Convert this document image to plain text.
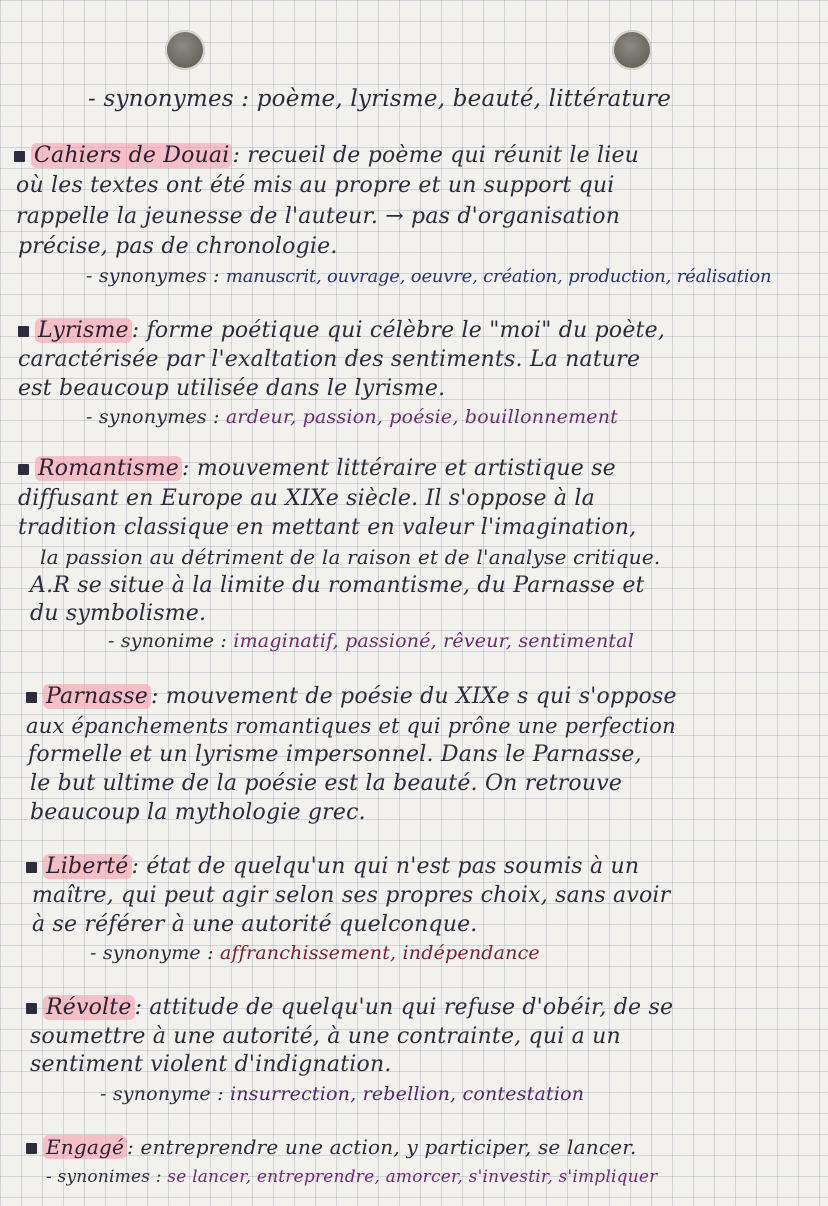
- synonymes : poème, lyrisme, beauté, littérature
Cahiers de Douai : recueil de poème qui réunit le lieu
où les textes ont été mis au propre et un support qui
rappelle la jeunesse de l'auteur. → pas d'organisation
précise, pas de chronologie.
- synonymes : manuscrit, ouvrage, oeuvre, création, production, réalisation
Lyrisme : forme poétique qui célèbre le "moi" du poète,
caractérisée par l'exaltation des sentiments. La nature
est beaucoup utilisée dans le lyrisme.
- synonymes : ardeur, passion, poésie, bouillonnement
Romantisme : mouvement littéraire et artistique se
diffusant en Europe au XIXe siècle. Il s'oppose à la
tradition classique en mettant en valeur l'imagination,
la passion au détriment de la raison et de l'analyse critique.
A.R se situe à la limite du romantisme, du Parnasse et
du symbolisme.
- synonime : imaginatif, passioné, rêveur, sentimental
Parnasse : mouvement de poésie du XIXe s qui s'oppose
aux épanchements romantiques et qui prône une perfection
formelle et un lyrisme impersonnel. Dans le Parnasse,
le but ultime de la poésie est la beauté. On retrouve
beaucoup la mythologie grec.
Liberté : état de quelqu'un qui n'est pas soumis à un
maître, qui peut agir selon ses propres choix, sans avoir
à se référer à une autorité quelconque.
- synonyme : affranchissement, indépendance
Révolte : attitude de quelqu'un qui refuse d'obéir, de se
soumettre à une autorité, à une contrainte, qui a un
sentiment violent d'indignation.
- synonyme : insurrection, rebellion, contestation
Engagé : entreprendre une action, y participer, se lancer.
- synonimes : se lancer, entreprendre, amorcer, s'investir, s'impliquer
